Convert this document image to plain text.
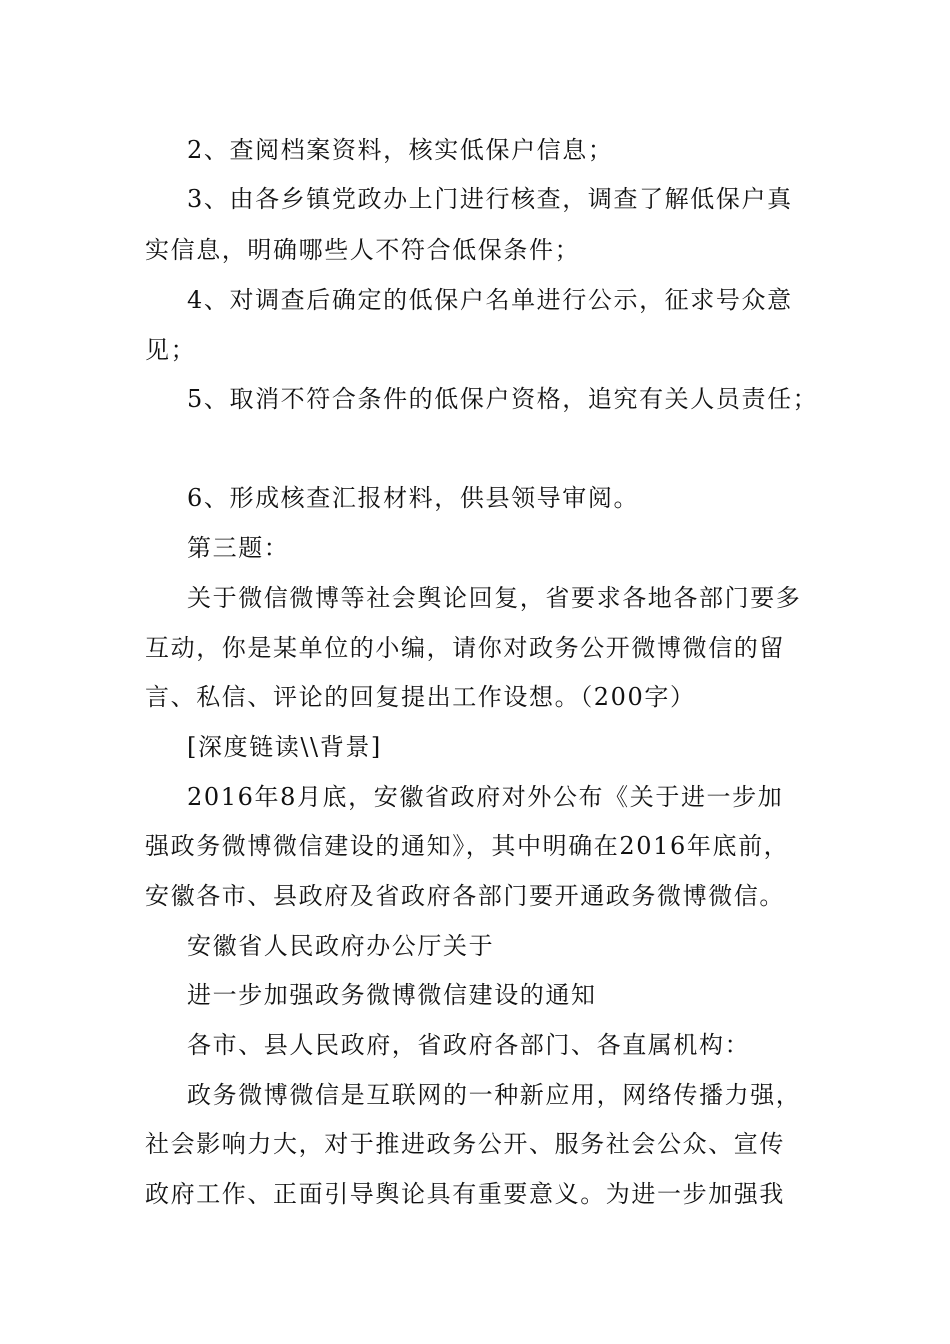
2、查阅档案资料，核实低保户信息；
3、由各乡镇党政办上门进行核查，调查了解低保户真
实信息，明确哪些人不符合低保条件；
4、对调查后确定的低保户名单进行公示，征求号众意
见；
5、取消不符合条件的低保户资格，追究有关人员责任；
6、形成核查汇报材料，供县领导审阅。
第三题：
关于微信微博等社会舆论回复，省要求各地各部门要多
互动，你是某单位的小编，请你对政务公开微博微信的留
言、私信、评论的回复提出工作设想。（200字）
[深度链读\\背景]
2016年8月底，安徽省政府对外公布《关于进一步加
强政务微博微信建设的通知》，其中明确在2016年底前，
安徽各市、县政府及省政府各部门要开通政务微博微信。
安徽省人民政府办公厅关于
进一步加强政务微博微信建设的通知
各市、县人民政府，省政府各部门、各直属机构：
政务微博微信是互联网的一种新应用，网络传播力强，
社会影响力大，对于推进政务公开、服务社会公众、宣传
政府工作、正面引导舆论具有重要意义。为进一步加强我
